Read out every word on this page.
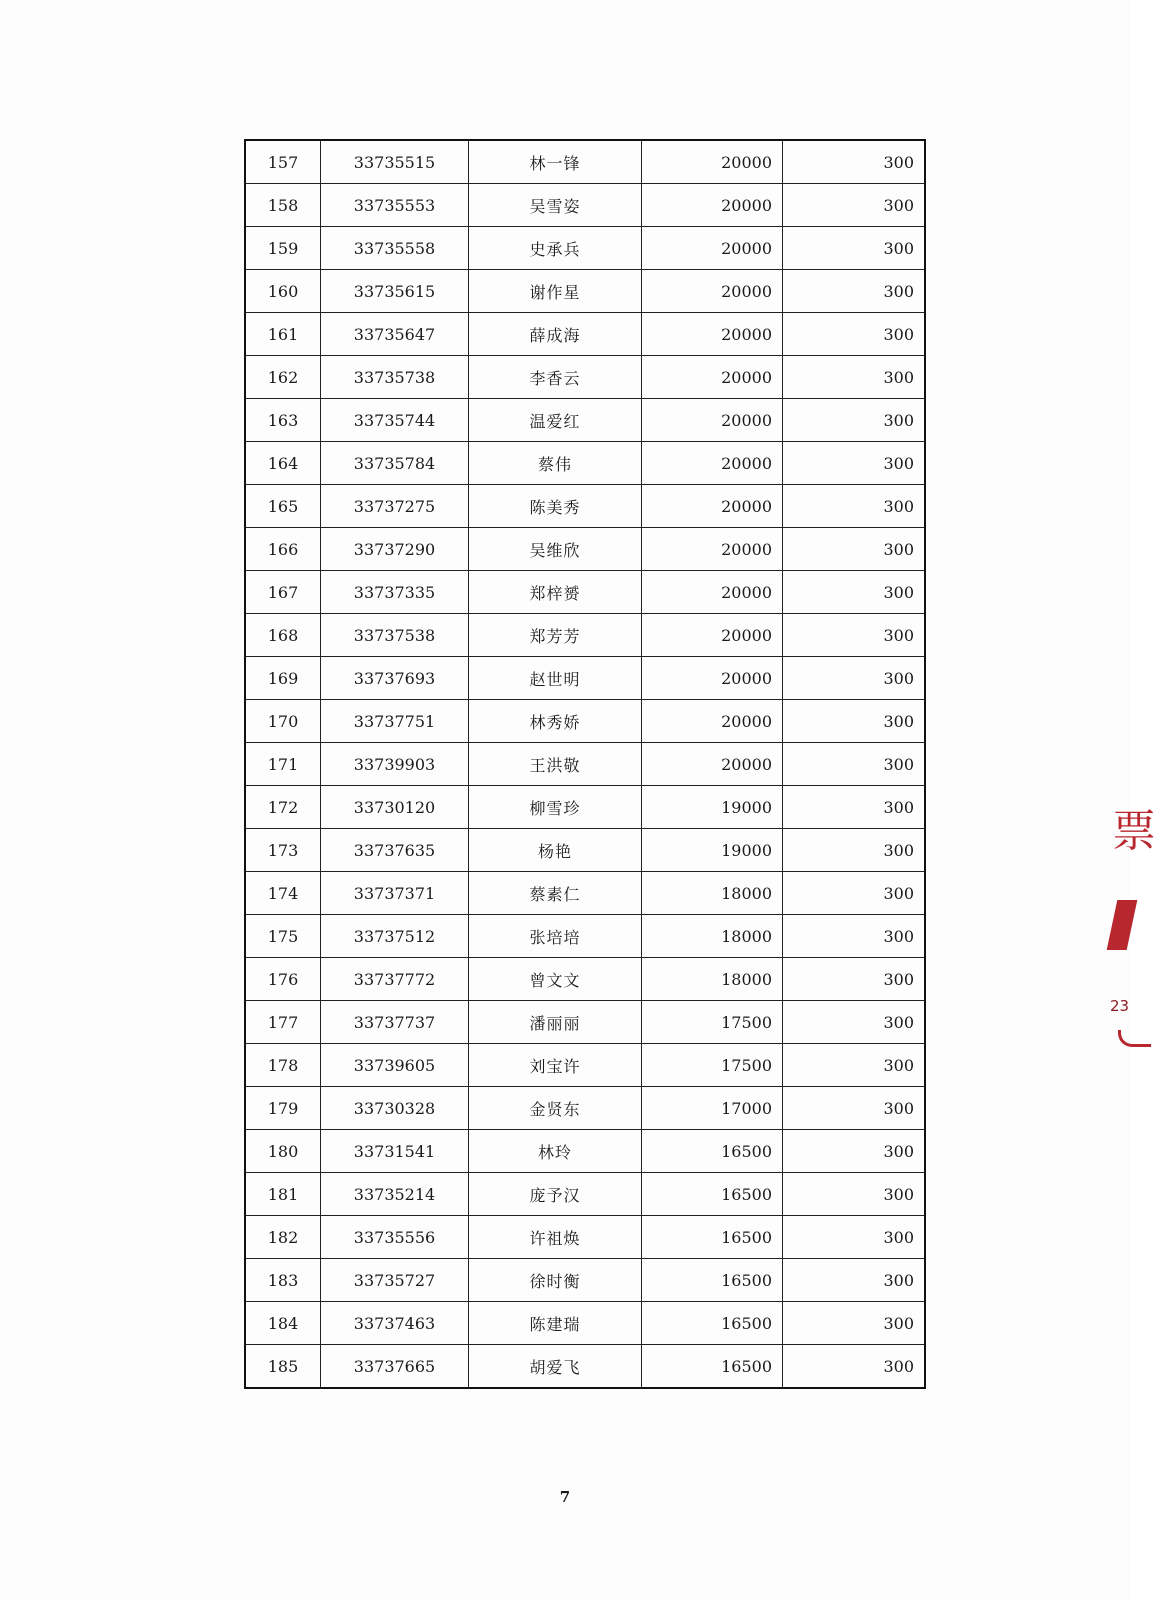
157	33735515	林一锋	20000	300
158	33735553	吴雪姿	20000	300
159	33735558	史承兵	20000	300
160	33735615	谢作星	20000	300
161	33735647	薛成海	20000	300
162	33735738	李香云	20000	300
163	33735744	温爱红	20000	300
164	33735784	蔡伟	20000	300
165	33737275	陈美秀	20000	300
166	33737290	吴维欣	20000	300
167	33737335	郑梓赟	20000	300
168	33737538	郑芳芳	20000	300
169	33737693	赵世明	20000	300
170	33737751	林秀娇	20000	300
171	33739903	王洪敬	20000	300
172	33730120	柳雪珍	19000	300
173	33737635	杨艳	19000	300
174	33737371	蔡素仁	18000	300
175	33737512	张培培	18000	300
176	33737772	曾文文	18000	300
177	33737737	潘丽丽	17500	300
178	33739605	刘宝许	17500	300
179	33730328	金贤东	17000	300
180	33731541	林玲	16500	300
181	33735214	庞予汉	16500	300
182	33735556	许祖焕	16500	300
183	33735727	徐时衡	16500	300
184	33737463	陈建瑞	16500	300
185	33737665	胡爱飞	16500	300
7
票
23
